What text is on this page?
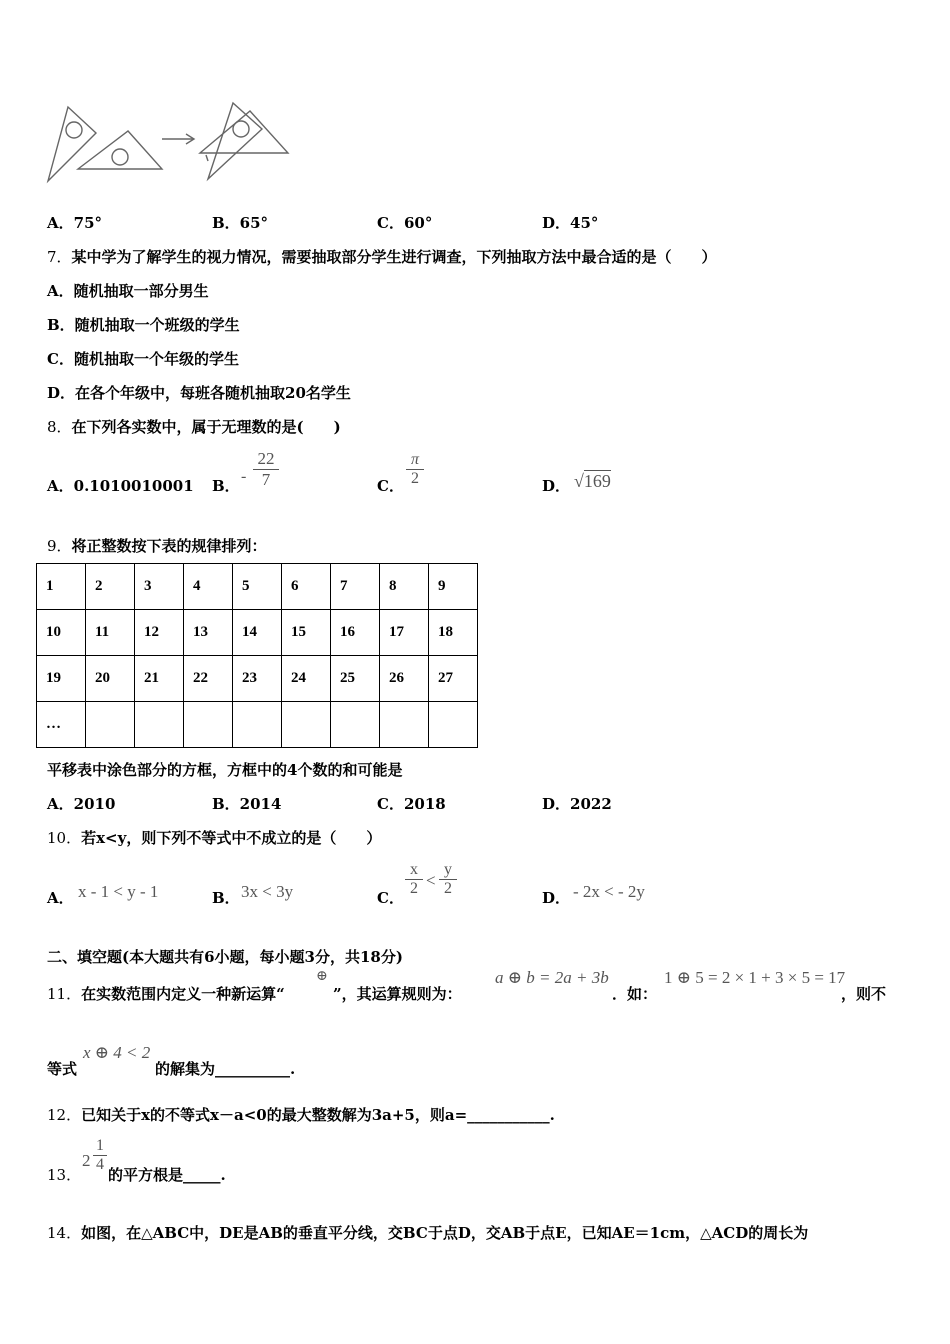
A．75°	B．65°	C．60°	D．45°
7．某中学为了解学生的视力情况，需要抽取部分学生进行调查，下列抽取方法中最合适的是（　　）
A．随机抽取一部分男生
B．随机抽取一个班级的学生
C．随机抽取一个年级的学生
D．在各个年级中，每班各随机抽取20名学生
8．在下列各实数中，属于无理数的是(　　)
A．0.1010010001 B．
- $\frac{22}{7}$	C． $\frac{\pi}{2}$	D． √169
9．将正整数按下表的规律排列：
1	2	3	4	5	6	7	8	9
10	11	12	13	14	15	16	17	18
19	20	21	22	23	24	25	26	27
…								
平移表中涂色部分的方框，方框中的4个数的和可能是
A．2010	B．2014	C．2018	D．2022
10．若x<y，则下列不等式中不成立的是（　　）
A． x - 1 < y - 1	B． 3x < 3y	C． $\frac{x}{2} < \frac{y}{2}$	D． - 2x < - 2y
二、填空题(本大题共有6小题，每小题3分，共18分)
11．在实数范围内定义一种新运算“
⊕
”，其运算规则为：
a ⊕ b = 2a + 3b
．如：
1 ⊕ 5 = 2 × 1 + 3 × 5 = 17
，则不
等式
x ⊕ 4 < 2
的解集为__________.
12．已知关于x的不等式x－a<0的最大整数解为3a+5，则a=___________.
13．
$2 \frac{1}{4}$
的平方根是_____.
14．如图，在△ABC中，DE是AB的垂直平分线，交BC于点D，交AB于点E，已知AE＝1cm，△ACD的周长为
